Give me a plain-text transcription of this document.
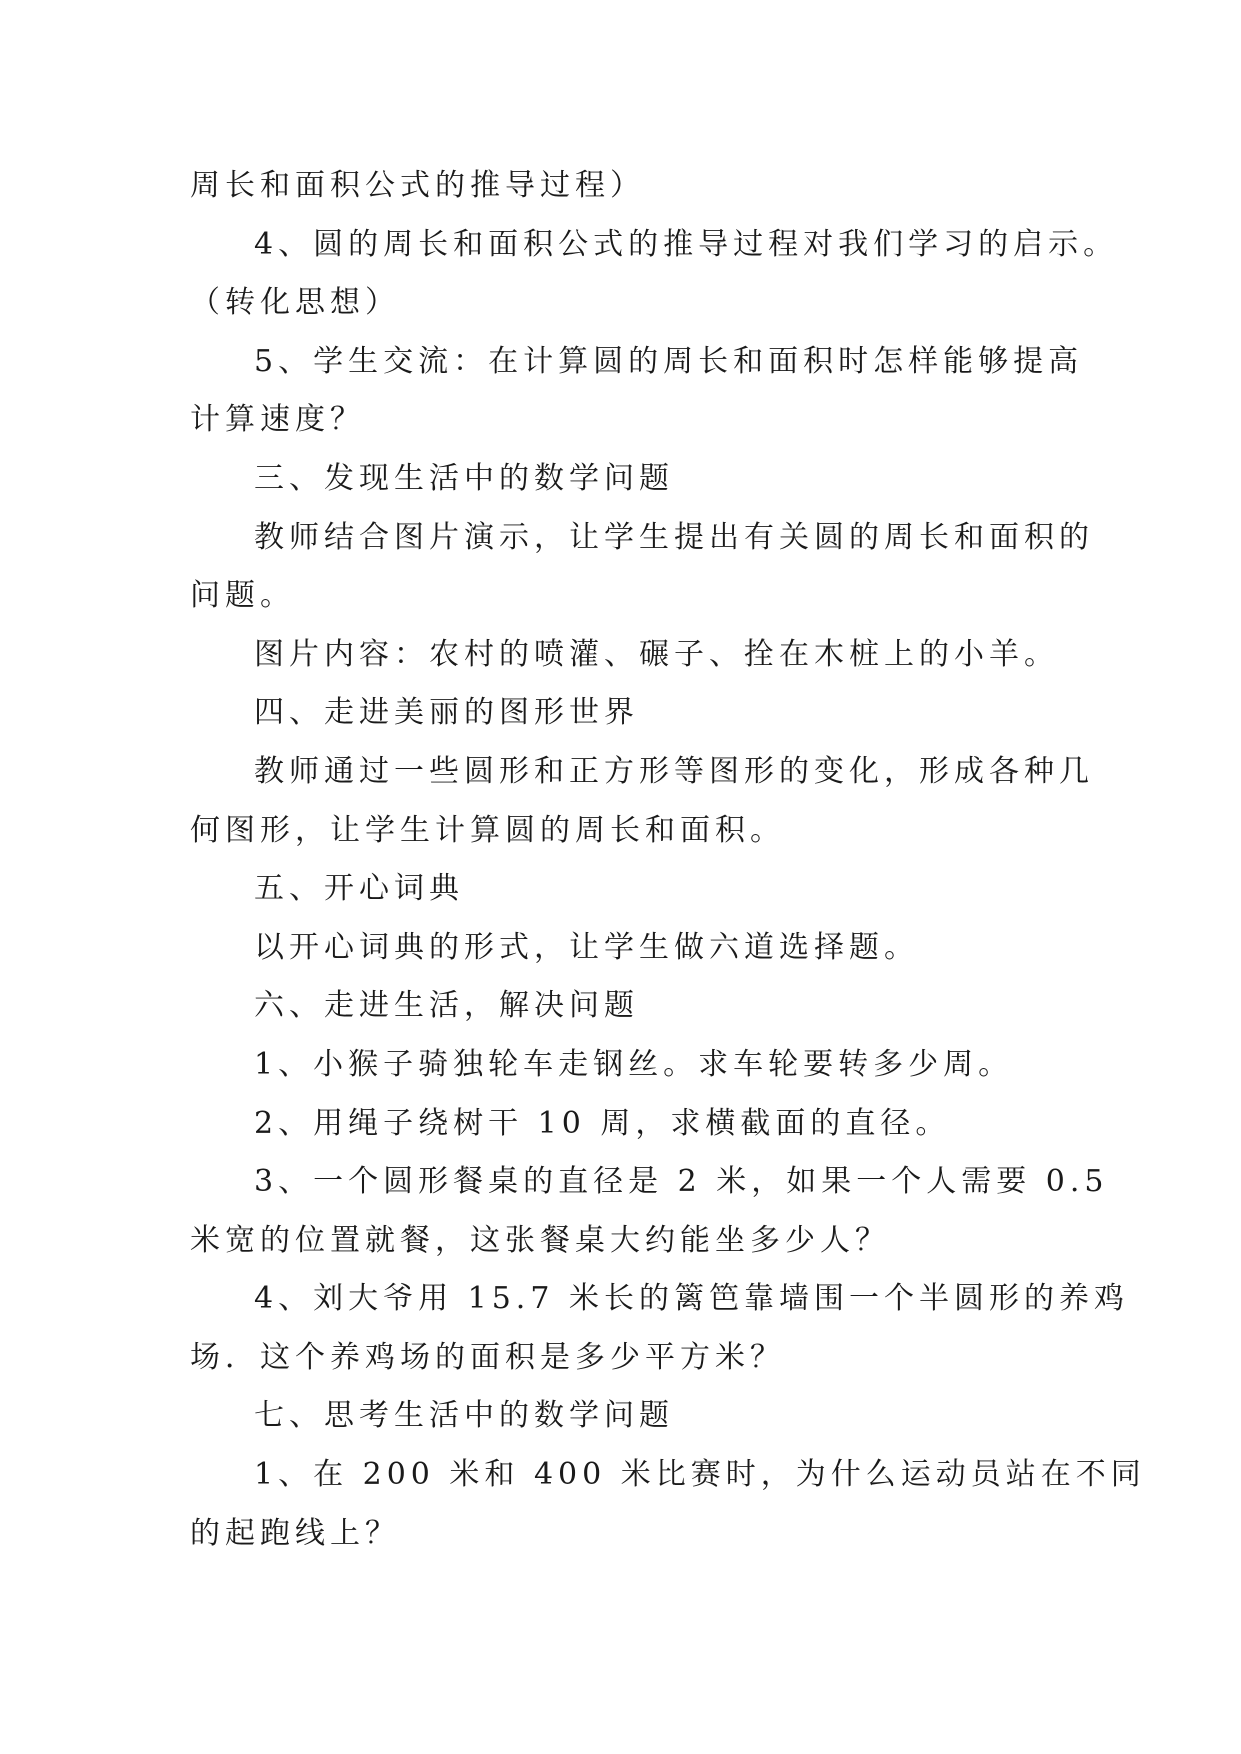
周长和面积公式的推导过程）
4、圆的周长和面积公式的推导过程对我们学习的启示。
（转化思想）
5、学生交流：在计算圆的周长和面积时怎样能够提高
计算速度？
三、发现生活中的数学问题
教师结合图片演示，让学生提出有关圆的周长和面积的
问题。
图片内容：农村的喷灌、碾子、拴在木桩上的小羊。
四、走进美丽的图形世界
教师通过一些圆形和正方形等图形的变化，形成各种几
何图形，让学生计算圆的周长和面积。
五、开心词典
以开心词典的形式，让学生做六道选择题。
六、走进生活，解决问题
1、小猴子骑独轮车走钢丝。求车轮要转多少周。
2、用绳子绕树干 10 周，求横截面的直径。
3、一个圆形餐桌的直径是 2 米，如果一个人需要 0.5
米宽的位置就餐，这张餐桌大约能坐多少人？
4、刘大爷用 15.7 米长的篱笆靠墙围一个半圆形的养鸡
场．这个养鸡场的面积是多少平方米？
七、思考生活中的数学问题
1、在 200 米和 400 米比赛时，为什么运动员站在不同
的起跑线上？
